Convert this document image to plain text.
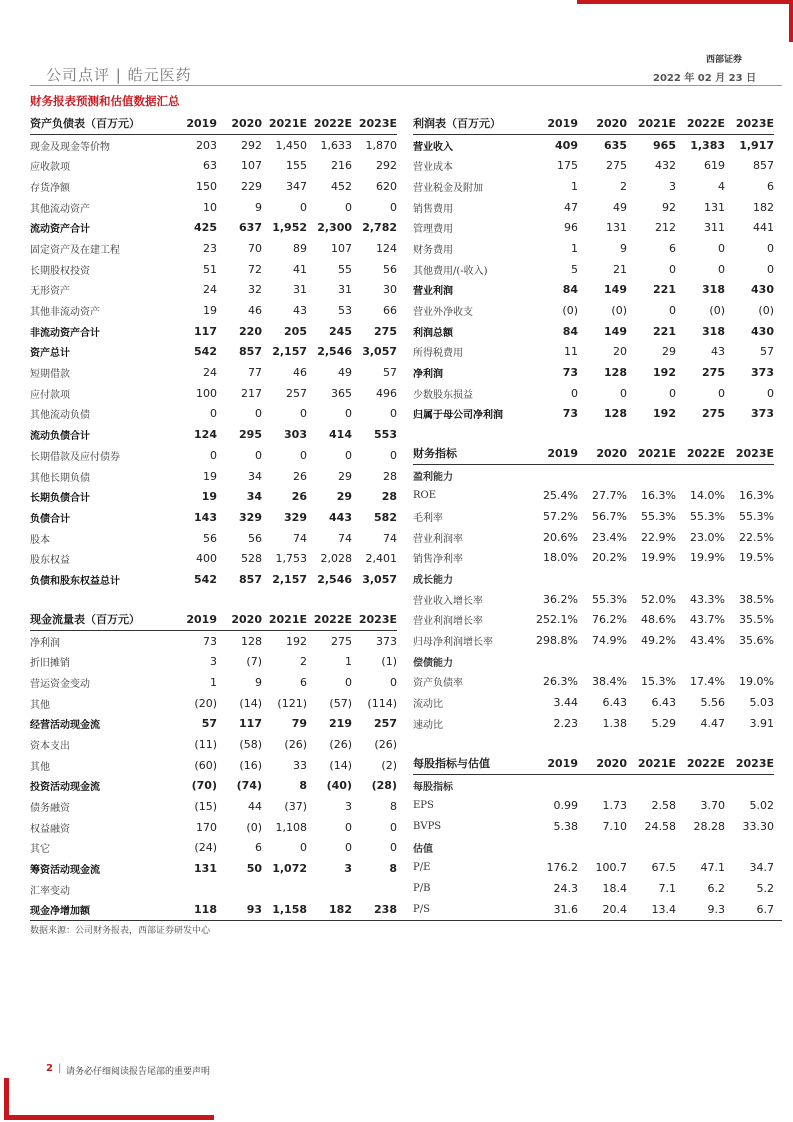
公司点评 | 皓元医药
西部证券
2022 年 02 月 23 日
财务报表预测和估值数据汇总
资产负债表（百万元）	2019	2020	2021E	2022E	2023E
现金及现金等价物	203	292	1,450	1,633	1,870
应收款项	63	107	155	216	292
存货净额	150	229	347	452	620
其他流动资产	10	9	0	0	0
流动资产合计	425	637	1,952	2,300	2,782
固定资产及在建工程	23	70	89	107	124
长期股权投资	51	72	41	55	56
无形资产	24	32	31	31	30
其他非流动资产	19	46	43	53	66
非流动资产合计	117	220	205	245	275
资产总计	542	857	2,157	2,546	3,057
短期借款	24	77	46	49	57
应付款项	100	217	257	365	496
其他流动负债	0	0	0	0	0
流动负债合计	124	295	303	414	553
长期借款及应付债券	0	0	0	0	0
其他长期负债	19	34	26	29	28
长期负债合计	19	34	26	29	28
负债合计	143	329	329	443	582
股本	56	56	74	74	74
股东权益	400	528	1,753	2,028	2,401
负债和股东权益总计	542	857	2,157	2,546	3,057
利润表（百万元）	2019	2020	2021E	2022E	2023E
营业收入	409	635	965	1,383	1,917
营业成本	175	275	432	619	857
营业税金及附加	1	2	3	4	6
销售费用	47	49	92	131	182
管理费用	96	131	212	311	441
财务费用	1	9	6	0	0
其他费用/(-收入)	5	21	0	0	0
营业利润	84	149	221	318	430
营业外净收支	(0)	(0)	0	(0)	(0)
利润总额	84	149	221	318	430
所得税费用	11	20	29	43	57
净利润	73	128	192	275	373
少数股东损益	0	0	0	0	0
归属于母公司净利润	73	128	192	275	373
财务指标	2019	2020	2021E	2022E	2023E
盈利能力					
ROE	25.4%	27.7%	16.3%	14.0%	16.3%
毛利率	57.2%	56.7%	55.3%	55.3%	55.3%
营业利润率	20.6%	23.4%	22.9%	23.0%	22.5%
销售净利率	18.0%	20.2%	19.9%	19.9%	19.5%
成长能力					
营业收入增长率	36.2%	55.3%	52.0%	43.3%	38.5%
营业利润增长率	252.1%	76.2%	48.6%	43.7%	35.5%
归母净利润增长率	298.8%	74.9%	49.2%	43.4%	35.6%
偿债能力					
资产负债率	26.3%	38.4%	15.3%	17.4%	19.0%
流动比	3.44	6.43	6.43	5.56	5.03
速动比	2.23	1.38	5.29	4.47	3.91
现金流量表（百万元）	2019	2020	2021E	2022E	2023E
净利润	73	128	192	275	373
折旧摊销	3	(7)	2	1	(1)
营运资金变动	1	9	6	0	0
其他	(20)	(14)	(121)	(57)	(114)
经营活动现金流	57	117	79	219	257
资本支出	(11)	(58)	(26)	(26)	(26)
其他	(60)	(16)	33	(14)	(2)
投资活动现金流	(70)	(74)	8	(40)	(28)
债务融资	(15)	44	(37)	3	8
权益融资	170	(0)	1,108	0	0
其它	(24)	6	0	0	0
筹资活动现金流	131	50	1,072	3	8
汇率变动					
现金净增加额	118	93	1,158	182	238
每股指标与估值	2019	2020	2021E	2022E	2023E
每股指标					
EPS	0.99	1.73	2.58	3.70	5.02
BVPS	5.38	7.10	24.58	28.28	33.30
估值					
P/E	176.2	100.7	67.5	47.1	34.7
P/B	24.3	18.4	7.1	6.2	5.2
P/S	31.6	20.4	13.4	9.3	6.7
数据来源：公司财务报表，西部证券研发中心
2 | 请务必仔细阅读报告尾部的重要声明
